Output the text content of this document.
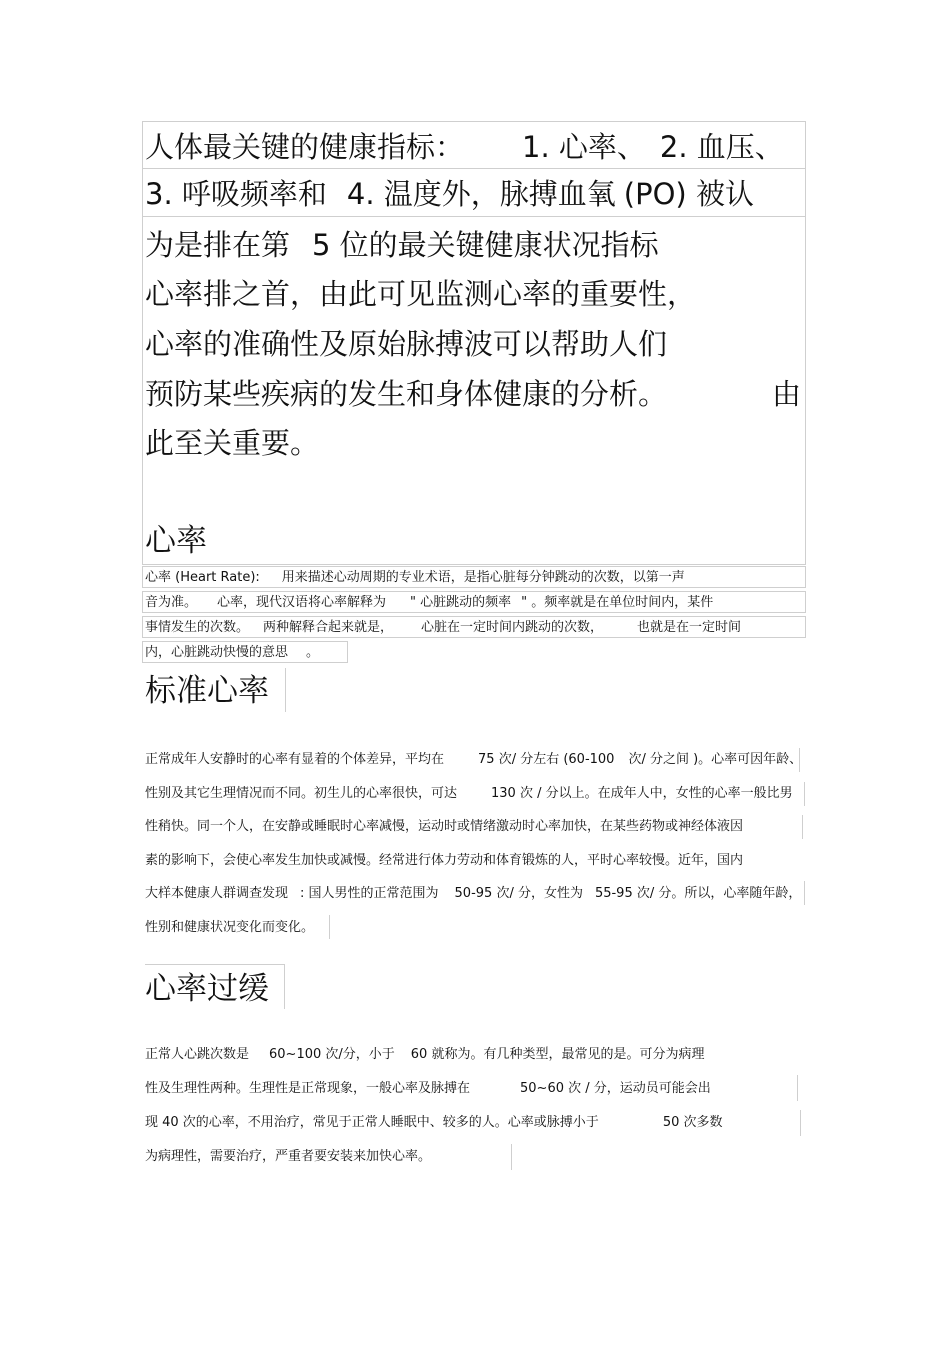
人体最关键的健康指标： 1. 心率、 2. 血压、
3. 呼吸频率和 4. 温度外，脉搏血氧 (PO) 被认
为是排在第 5 位的最关键健康状况指标
心率排之首，由此可见监测心率的重要性，
心率的准确性及原始脉搏波可以帮助人们
预防某些疾病的发生和身体健康的分析。	由
此至关重要。
心率
心率 (Heart Rate): 用来描述心动周期的专业术语，是指心脏每分钟跳动的次数，以第一声
音为准。 心率，现代汉语将心率解释为 " 心脏跳动的频率 " 。频率就是在单位时间内，某件
事情发生的次数。 两种解释合起来就是， 心脏在一定时间内跳动的次数，	也就是在一定时间
内，心脏跳动快慢的意思 。
标准心率
正常成年人安静时的心率有显着的个体差异，平均在	75 次/ 分左右 (60-100 次/ 分之间 )。心率可因年龄、
性别及其它生理情况而不同。初生儿的心率很快，可达	130 次 / 分以上。在成年人中，女性的心率一般比男
性稍快。同一个人，在安静或睡眠时心率减慢，运动时或情绪激动时心率加快，在某些药物或神经体液因
素的影响下，会使心率发生加快或减慢。经常进行体力劳动和体育锻炼的人，平时心率较慢。近年，国内
大样本健康人群调查发现 : 国人男性的正常范围为 50-95 次/ 分，女性为 55-95 次/ 分。所以，心率随年龄，
性别和健康状况变化而变化。
心率过缓
正常人心跳次数是 60~100 次/分，小于 60 就称为。有几种类型，最常见的是。可分为病理
性及生理性两种。生理性是正常现象，一般心率及脉搏在	50~60 次 / 分，运动员可能会出
现 40 次的心率，不用治疗，常见于正常人睡眠中、较多的人。心率或脉搏小于	50 次多数
为病理性，需要治疗，严重者要安装来加快心率。
